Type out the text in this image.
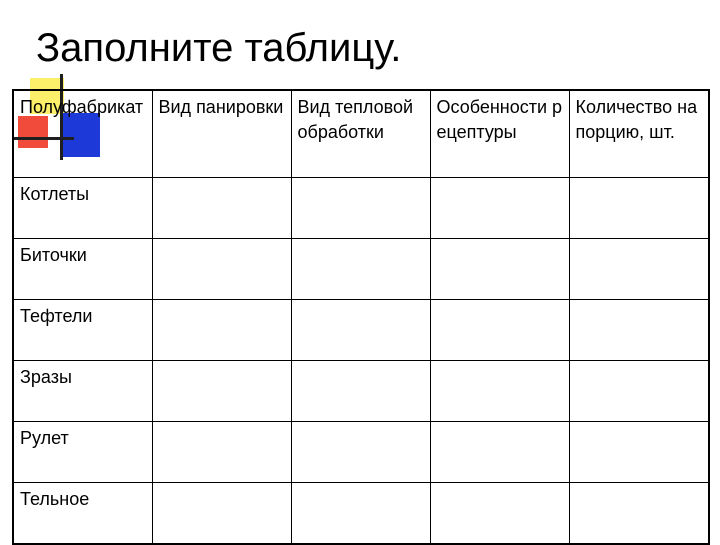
Заполните таблицу.
Полуфабрикат	Вид панировки	Вид тепловой обработки	Особенности рецептуры	Количество на порцию, шт.
Котлеты				
Биточки				
Тефтели				
Зразы				
Рулет				
Тельное				
